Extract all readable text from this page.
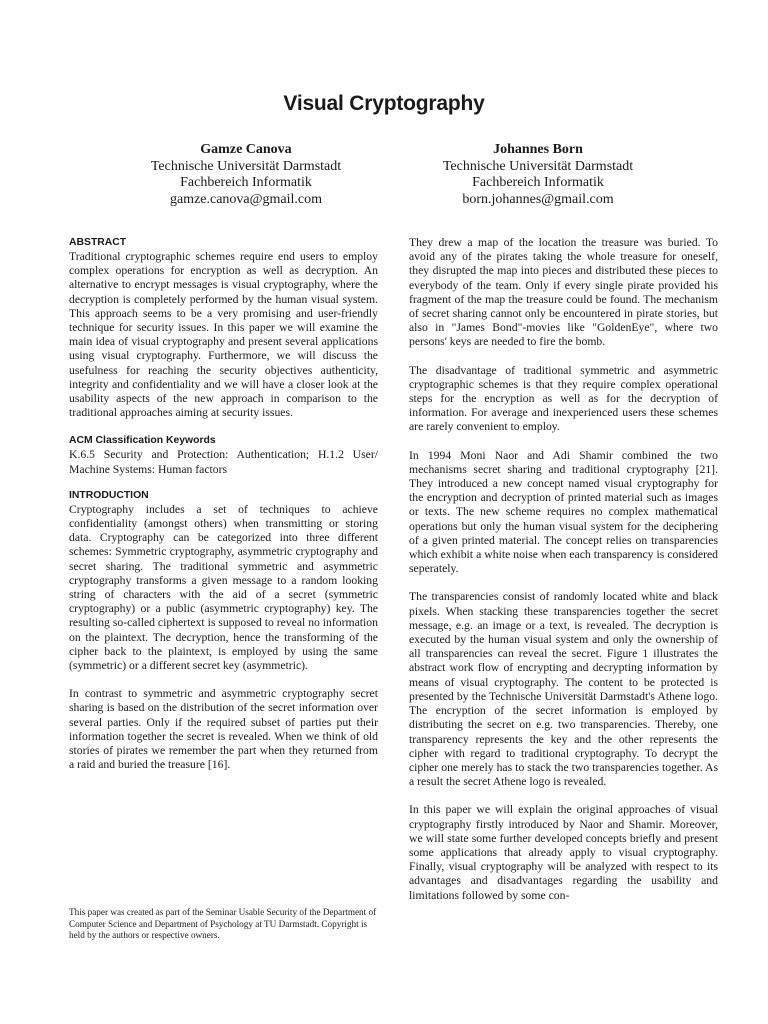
Visual Cryptography
Gamze Canova
Technische Universität Darmstadt
Fachbereich Informatik
gamze.canova@gmail.com
Johannes Born
Technische Universität Darmstadt
Fachbereich Informatik
born.johannes@gmail.com
ABSTRACT

Traditional cryptographic schemes require end users to employ complex operations for encryption as well as decryption. An alternative to encrypt messages is visual cryptography, where the decryption is completely performed by the human visual system. This approach seems to be a very promising and user-friendly technique for security issues. In this paper we will examine the main idea of visual cryptography and present several applications using visual cryptography. Furthermore, we will discuss the usefulness for reaching the security objectives authenticity, integrity and confidentiality and we will have a closer look at the usability aspects of the new approach in comparison to the traditional approaches aiming at security issues.

ACM Classification Keywords

K.6.5 Security and Protection: Authentication; H.1.2 User/ Machine Systems: Human factors

INTRODUCTION

Cryptography includes a set of techniques to achieve confidentiality (amongst others) when transmitting or storing data. Cryptography can be categorized into three different schemes: Symmetric cryptography, asymmetric cryptography and secret sharing. The traditional symmetric and asymmetric cryptography transforms a given message to a random looking string of characters with the aid of a secret (symmetric cryptography) or a public (asymmetric cryptography) key. The resulting so-called ciphertext is supposed to reveal no information on the plaintext. The decryption, hence the transforming of the cipher back to the plaintext, is employed by using the same (symmetric) or a different secret key (asymmetric).

In contrast to symmetric and asymmetric cryptography secret sharing is based on the distribution of the secret information over several parties. Only if the required subset of parties put their information together the secret is revealed. When we think of old stories of pirates we remember the part when they returned from a raid and buried the treasure [16].

They drew a map of the location the treasure was buried. To avoid any of the pirates taking the whole treasure for oneself, they disrupted the map into pieces and distributed these pieces to everybody of the team. Only if every single pirate provided his fragment of the map the treasure could be found. The mechanism of secret sharing cannot only be encountered in pirate stories, but also in "James Bond"-movies like "GoldenEye", where two persons' keys are needed to fire the bomb.

The disadvantage of traditional symmetric and asymmetric cryptographic schemes is that they require complex operational steps for the encryption as well as for the decryption of information. For average and inexperienced users these schemes are rarely convenient to employ.

In 1994 Moni Naor and Adi Shamir combined the two mechanisms secret sharing and traditional cryptography [21]. They introduced a new concept named visual cryptography for the encryption and decryption of printed material such as images or texts. The new scheme requires no complex mathematical operations but only the human visual system for the deciphering of a given printed material. The concept relies on transparencies which exhibit a white noise when each transparency is considered seperately.

The transparencies consist of randomly located white and black pixels. When stacking these transparencies together the secret message, e.g. an image or a text, is revealed. The decryption is executed by the human visual system and only the ownership of all transparencies can reveal the secret. Figure 1 illustrates the abstract work flow of encrypting and decrypting information by means of visual cryptography. The content to be protected is presented by the Technische Universität Darmstadt's Athene logo. The encryption of the secret information is employed by distributing the secret on e.g. two transparencies. Thereby, one transparency represents the key and the other represents the cipher with regard to traditional cryptography. To decrypt the cipher one merely has to stack the two transparencies together. As a result the secret Athene logo is revealed.

In this paper we will explain the original approaches of visual cryptography firstly introduced by Naor and Shamir. Moreover, we will state some further developed concepts briefly and present some applications that already apply to visual cryptography. Finally, visual cryptography will be analyzed with respect to its advantages and disadvantages regarding the usability and limitations followed by some con-

This paper was created as part of the Seminar Usable Security of the Department of Computer Science and Department of Psychology at TU Darmstadt. Copyright is held by the authors or respective owners.
